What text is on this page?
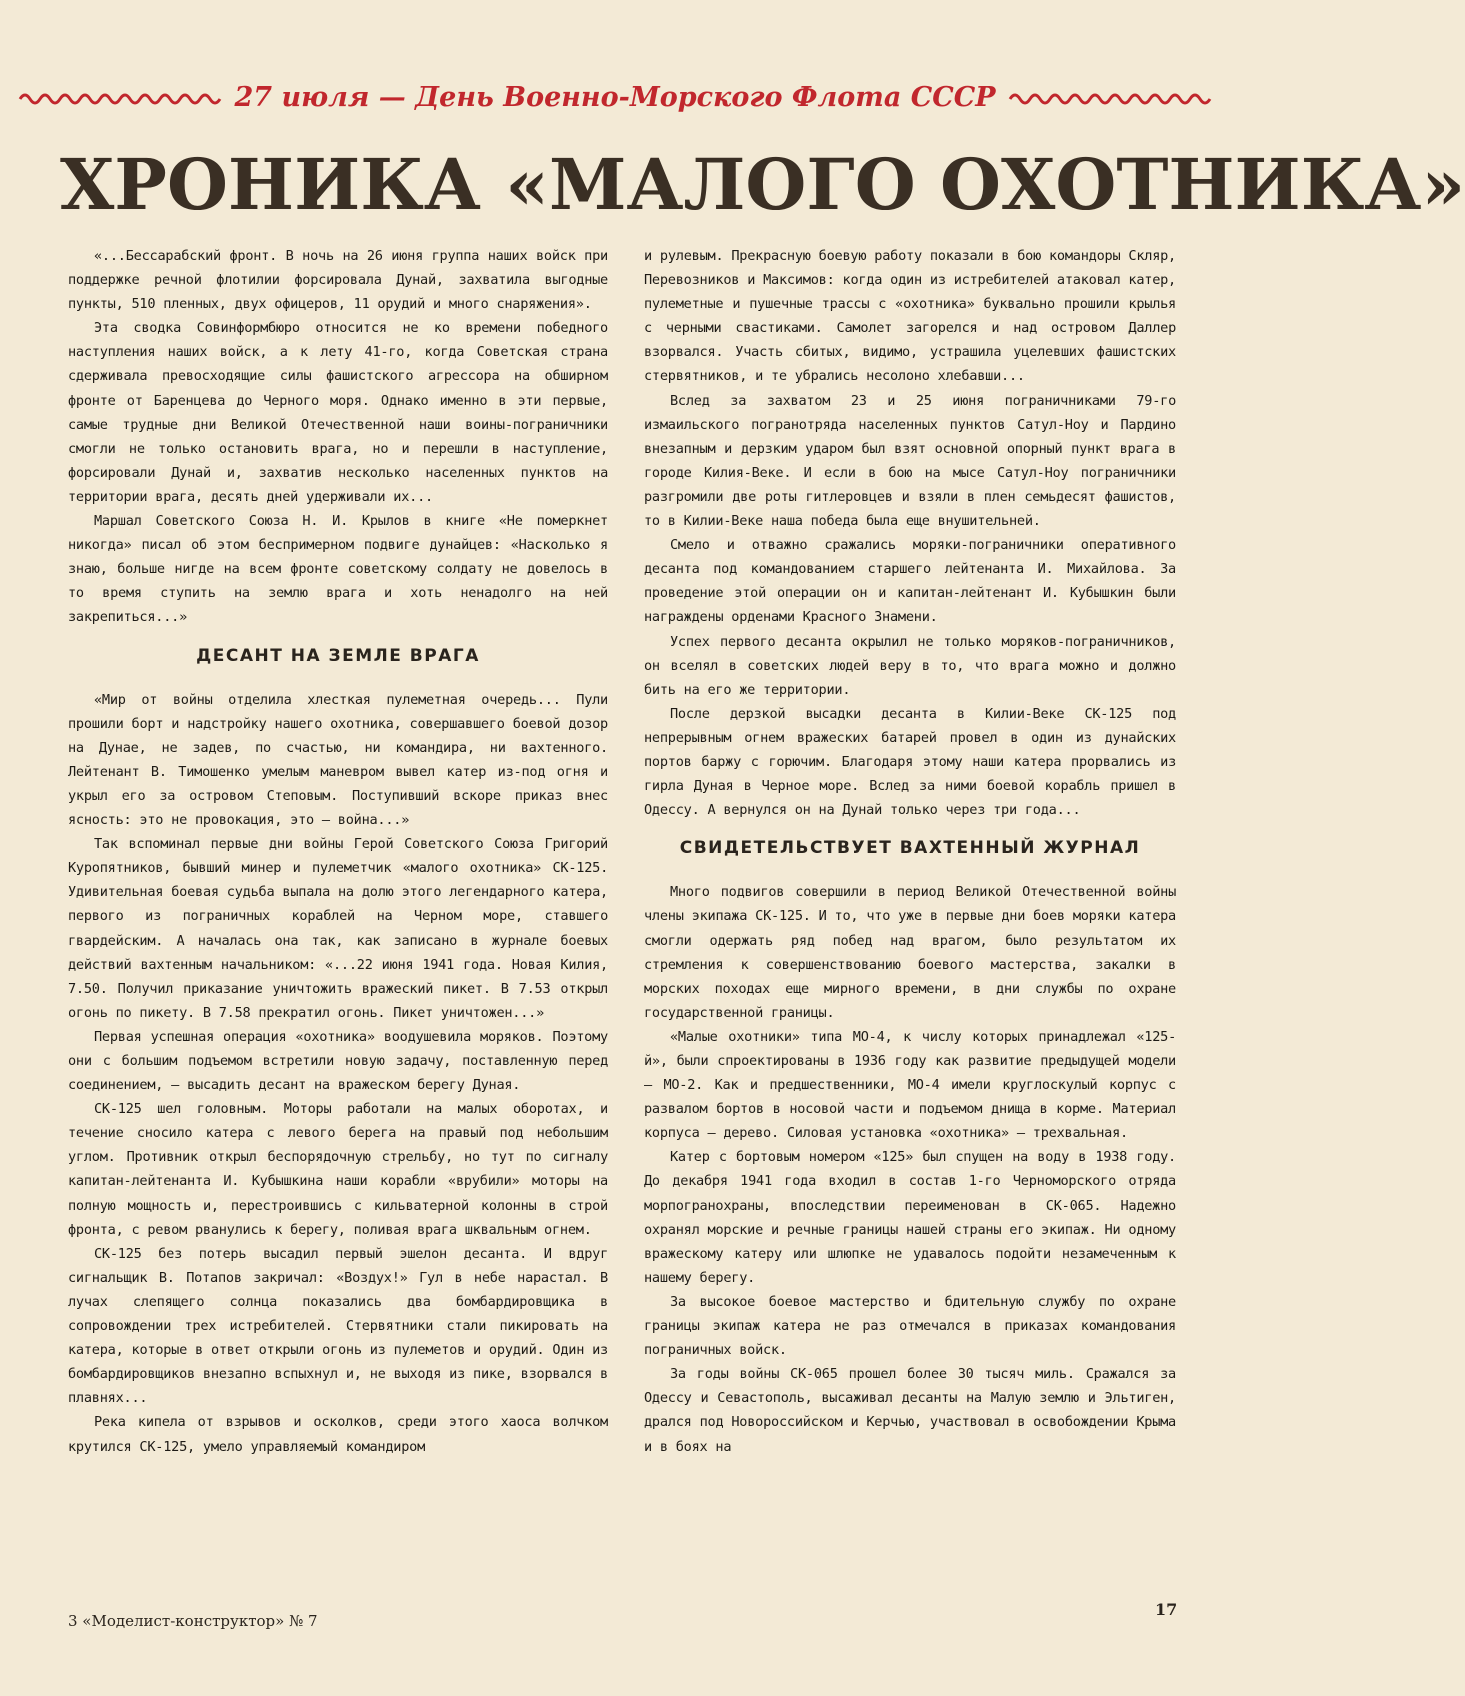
27 июля — День Военно-Морского Флота СССР
ХРОНИКА «МАЛОГО ОХОТНИКА»

«...Бессарабский фронт. В ночь на 26 июня группа наших войск при поддержке речной флотилии форсировала Дунай, захватила выгодные пункты, 510 пленных, двух офицеров, 11 орудий и много снаряжения».

Эта сводка Совинформбюро относится не ко времени победного наступления наших войск, а к лету 41-го, когда Советская страна сдерживала превосходящие силы фашистского агрессора на обширном фронте от Баренцева до Черного моря. Однако именно в эти первые, самые трудные дни Великой Отечественной наши воины-пограничники смогли не только остановить врага, но и перешли в наступление, форсировали Дунай и, захватив несколько населенных пунктов на территории врага, десять дней удерживали их...

Маршал Советского Союза Н. И. Крылов в книге «Не померкнет никогда» писал об этом беспримерном подвиге дунайцев: «Насколько я знаю, больше нигде на всем фронте советскому солдату не довелось в то время ступить на землю врага и хоть ненадолго на ней закрепиться...»

ДЕСАНТ НА ЗЕМЛЕ ВРАГА

«Мир от войны отделила хлесткая пулеметная очередь... Пули прошили борт и надстройку нашего охотника, совершавшего боевой дозор на Дунае, не задев, по счастью, ни командира, ни вахтенного. Лейтенант В. Тимошенко умелым маневром вывел катер из-под огня и укрыл его за островом Степовым. Поступивший вскоре приказ внес ясность: это не провокация, это — война...»

Так вспоминал первые дни войны Герой Советского Союза Григорий Куропятников, бывший минер и пулеметчик «малого охотника» СК-125. Удивительная боевая судьба выпала на долю этого легендарного катера, первого из пограничных кораблей на Черном море, ставшего гвардейским. А началась она так, как записано в журнале боевых действий вахтенным начальником: «...22 июня 1941 года. Новая Килия, 7.50. Получил приказание уничтожить вражеский пикет. В 7.53 открыл огонь по пикету. В 7.58 прекратил огонь. Пикет уничтожен...»

Первая успешная операция «охотника» воодушевила моряков. Поэтому они с большим подъемом встретили новую задачу, поставленную перед соединением, — высадить десант на вражеском берегу Дуная.

СК-125 шел головным. Моторы работали на малых оборотах, и течение сносило катера с левого берега на правый под небольшим углом. Противник открыл беспорядочную стрельбу, но тут по сигналу капитан-лейтенанта И. Кубышкина наши корабли «врубили» моторы на полную мощность и, перестроившись с кильватерной колонны в строй фронта, с ревом рванулись к берегу, поливая врага шквальным огнем.

СК-125 без потерь высадил первый эшелон десанта. И вдруг сигнальщик В. Потапов закричал: «Воздух!» Гул в небе нарастал. В лучах слепящего солнца показались два бомбардировщика в сопровождении трех истребителей. Стервятники стали пикировать на катера, которые в ответ открыли огонь из пулеметов и орудий. Один из бомбардировщиков внезапно вспыхнул и, не выходя из пике, взорвался в плавнях...

Река кипела от взрывов и осколков, среди этого хаоса волчком крутился СК-125, умело управляемый командиром

и рулевым. Прекрасную боевую работу показали в бою командоры Скляр, Перевозников и Максимов: когда один из истребителей атаковал катер, пулеметные и пушечные трассы с «охотника» буквально прошили крылья с черными свастиками. Самолет загорелся и над островом Даллер взорвался. Участь сбитых, видимо, устрашила уцелевших фашистских стервятников, и те убрались несолоно хлебавши...

Вслед за захватом 23 и 25 июня пограничниками 79-го измаильского погранотряда населенных пунктов Сатул-Ноу и Пардино внезапным и дерзким ударом был взят основной опорный пункт врага в городе Килия-Веке. И если в бою на мысе Сатул-Ноу пограничники разгромили две роты гитлеровцев и взяли в плен семьдесят фашистов, то в Килии-Веке наша победа была еще внушительней.

Смело и отважно сражались моряки-пограничники оперативного десанта под командованием старшего лейтенанта И. Михайлова. За проведение этой операции он и капитан-лейтенант И. Кубышкин были награждены орденами Красного Знамени.

Успех первого десанта окрылил не только моряков-пограничников, он вселял в советских людей веру в то, что врага можно и должно бить на его же территории.

После дерзкой высадки десанта в Килии-Веке СК-125 под непрерывным огнем вражеских батарей провел в один из дунайских портов баржу с горючим. Благодаря этому наши катера прорвались из гирла Дуная в Черное море. Вслед за ними боевой корабль пришел в Одессу. А вернулся он на Дунай только через три года...

СВИДЕТЕЛЬСТВУЕТ ВАХТЕННЫЙ ЖУРНАЛ

Много подвигов совершили в период Великой Отечественной войны члены экипажа СК-125. И то, что уже в первые дни боев моряки катера смогли одержать ряд побед над врагом, было результатом их стремления к совершенствованию боевого мастерства, закалки в морских походах еще мирного времени, в дни службы по охране государственной границы.

«Малые охотники» типа МО-4, к числу которых принадлежал «125-й», были спроектированы в 1936 году как развитие предыдущей модели — МО-2. Как и предшественники, МО-4 имели круглоскулый корпус с развалом бортов в носовой части и подъемом днища в корме. Материал корпуса — дерево. Силовая установка «охотника» — трехвальная.

Катер с бортовым номером «125» был спущен на воду в 1938 году. До декабря 1941 года входил в состав 1-го Черноморского отряда морпогранохраны, впоследствии переименован в СК-065. Надежно охранял морские и речные границы нашей страны его экипаж. Ни одному вражескому катеру или шлюпке не удавалось подойти незамеченным к нашему берегу.

За высокое боевое мастерство и бдительную службу по охране границы экипаж катера не раз отмечался в приказах командования пограничных войск.

За годы войны СК-065 прошел более 30 тысяч миль. Сражался за Одессу и Севастополь, высаживал десанты на Малую землю и Эльтиген, дрался под Новороссийском и Керчью, участвовал в освобождении Крыма и в боях на

3 «Моделист-конструктор» № 7
17
